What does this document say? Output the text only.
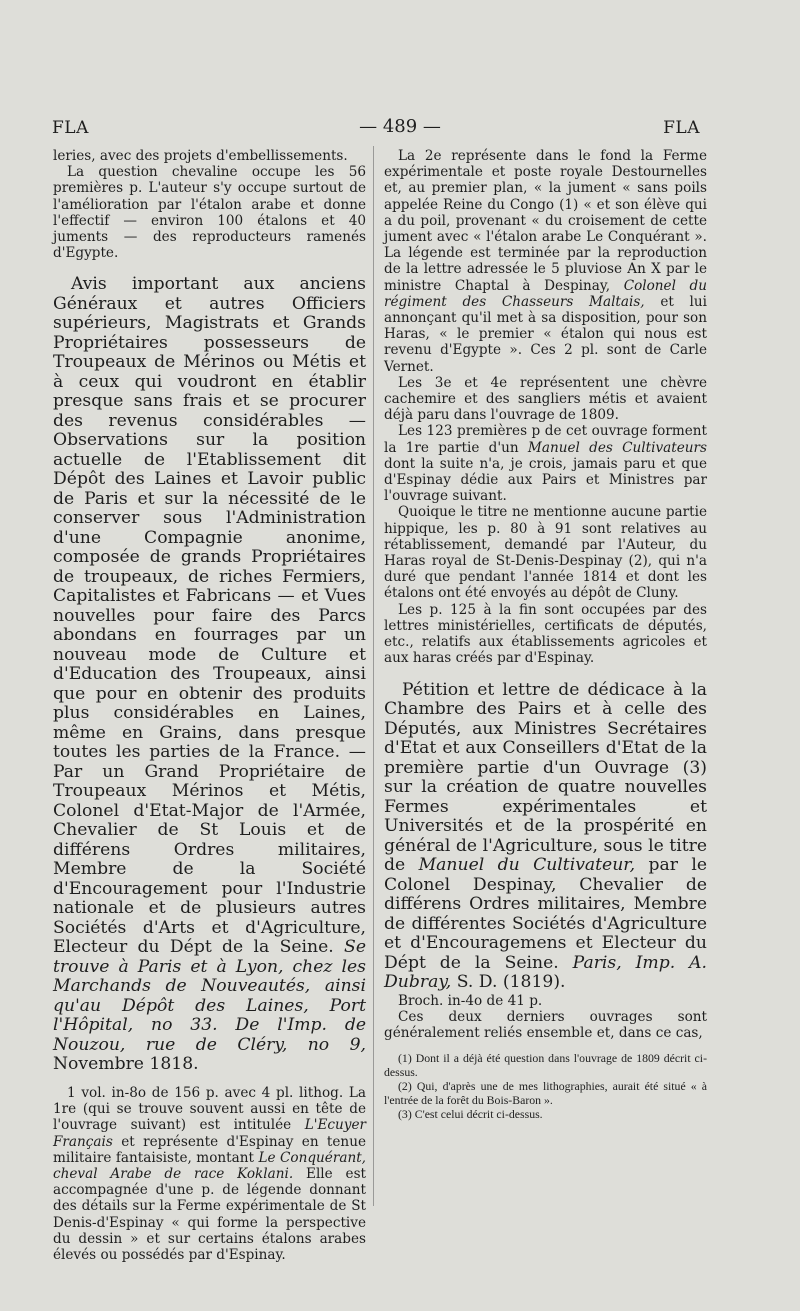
FLA	— 489 —	FLA

leries, avec des projets d'embellissements.

La question chevaline occupe les 56 premières p. L'auteur s'y occupe surtout de l'amélioration par l'étalon arabe et donne l'effectif — environ 100 étalons et 40 juments — des reproducteurs ramenés d'Egypte.

Avis important aux anciens Généraux et autres Officiers supérieurs, Magistrats et Grands Propriétaires possesseurs de Troupeaux de Mérinos ou Métis et à ceux qui voudront en établir presque sans frais et se procurer des revenus considérables — Observations sur la position actuelle de l'Etablissement dit Dépôt des Laines et Lavoir public de Paris et sur la nécessité de le conserver sous l'Administration d'une Compagnie anonime, composée de grands Propriétaires de troupeaux, de riches Fermiers, Capitalistes et Fabricans — et Vues nouvelles pour faire des Parcs abondans en fourrages par un nouveau mode de Culture et d'Education des Troupeaux, ainsi que pour en obtenir des produits plus considérables en Laines, même en Grains, dans presque toutes les parties de la France. — Par un Grand Propriétaire de Troupeaux Mérinos et Métis, Colonel d'Etat-Major de l'Armée, Chevalier de St Louis et de différens Ordres militaires, Membre de la Société d'Encouragement pour l'Industrie nationale et de plusieurs autres Sociétés d'Arts et d'Agriculture, Electeur du Dépt de la Seine. Se trouve à Paris et à Lyon, chez les Marchands de Nouveautés, ainsi qu'au Dépôt des Laines, Port l'Hôpital, no 33. De l'Imp. de Nouzou, rue de Cléry, no 9, Novembre 1818.

1 vol. in-8o de 156 p. avec 4 pl. lithog. La 1re (qui se trouve souvent aussi en tête de l'ouvrage suivant) est intitulée L'Ecuyer Français et représente d'Espinay en tenue militaire fantaisiste, montant Le Conquérant, cheval Arabe de race Koklani. Elle est accompagnée d'une p. de légende donnant des détails sur la Ferme expérimentale de St Denis-d'Espinay « qui forme la perspective du dessin » et sur certains étalons arabes élevés ou possédés par d'Espinay.

La 2e représente dans le fond la Ferme expérimentale et poste royale Destournelles et, au premier plan, « la jument « sans poils appelée Reine du Congo (1) « et son élève qui a du poil, provenant « du croisement de cette jument avec « l'étalon arabe Le Conquérant ». La légende est terminée par la reproduction de la lettre adressée le 5 pluviose An X par le ministre Chaptal à Despinay, Colonel du régiment des Chasseurs Maltais, et lui annonçant qu'il met à sa disposition, pour son Haras, « le premier « étalon qui nous est revenu d'Egypte ». Ces 2 pl. sont de Carle Vernet.

Les 3e et 4e représentent une chèvre cachemire et des sangliers métis et avaient déjà paru dans l'ouvrage de 1809.

Les 123 premières p de cet ouvrage forment la 1re partie d'un Manuel des Cultivateurs dont la suite n'a, je crois, jamais paru et que d'Espinay dédie aux Pairs et Ministres par l'ouvrage suivant.

Quoique le titre ne mentionne aucune partie hippique, les p. 80 à 91 sont relatives au rétablissement, demandé par l'Auteur, du Haras royal de St-Denis-Despinay (2), qui n'a duré que pendant l'année 1814 et dont les étalons ont été envoyés au dépôt de Cluny.

Les p. 125 à la fin sont occupées par des lettres ministérielles, certificats de députés, etc., relatifs aux établissements agricoles et aux haras créés par d'Espinay.

Pétition et lettre de dédicace à la Chambre des Pairs et à celle des Députés, aux Ministres Secrétaires d'Etat et aux Conseillers d'Etat de la première partie d'un Ouvrage (3) sur la création de quatre nouvelles Fermes expérimentales et Universités et de la prospérité en général de l'Agriculture, sous le titre de Manuel du Cultivateur, par le Colonel Despinay, Chevalier de différens Ordres militaires, Membre de différentes Sociétés d'Agriculture et d'Encouragemens et Electeur du Dépt de la Seine. Paris, Imp. A. Dubray, S. D. (1819).

Broch. in-4o de 41 p.

Ces deux derniers ouvrages sont généralement reliés ensemble et, dans ce cas,

(1) Dont il a déjà été question dans l'ouvrage de 1809 décrit ci-dessus.

(2) Qui, d'après une de mes lithographies, aurait été situé « à l'entrée de la forêt du Bois-Baron ».

(3) C'est celui décrit ci-dessus.
